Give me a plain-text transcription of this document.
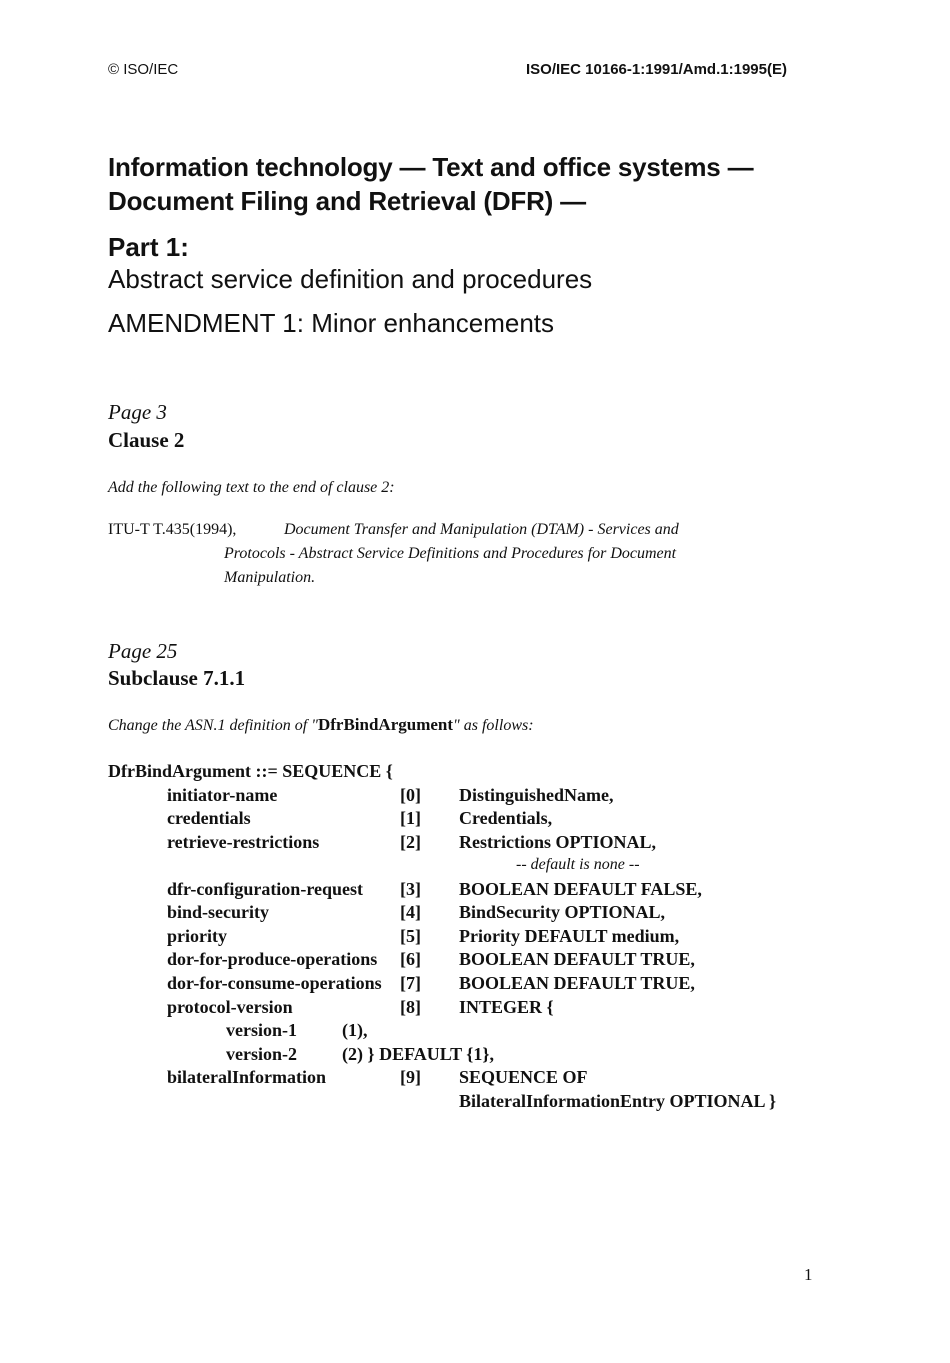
© ISO/IEC	ISO/IEC 10166-1:1991/Amd.1:1995(E)
Information technology — Text and office systems —
Document Filing and Retrieval (DFR) —
Part 1:
Abstract service definition and procedures
AMENDMENT 1: Minor enhancements
Page 3
Clause 2
Add the following text to the end of clause 2:
ITU-T T.435(1994),	Document Transfer and Manipulation (DTAM) - Services and
Protocols - Abstract Service Definitions and Procedures for Document
Manipulation.
Page 25
Subclause 7.1.1
Change the ASN.1 definition of "DfrBindArgument" as follows:
DfrBindArgument ::= SEQUENCE {
initiator-name	[0] DistinguishedName,
credentials	[1] Credentials,
retrieve-restrictions	[2] Restrictions OPTIONAL,
-- default is none --
dfr-configuration-request [3] BOOLEAN DEFAULT FALSE,
bind-security	[4] BindSecurity OPTIONAL,
priority	[5] Priority DEFAULT medium,
dor-for-produce-operations [6] BOOLEAN DEFAULT TRUE,
dor-for-consume-operations [7] BOOLEAN DEFAULT TRUE,
protocol-version	[8] INTEGER {
version-1	(1),
version-2	(2) } DEFAULT {1},
bilateralInformation	[9] SEQUENCE OF
BilateralInformationEntry OPTIONAL }
1
